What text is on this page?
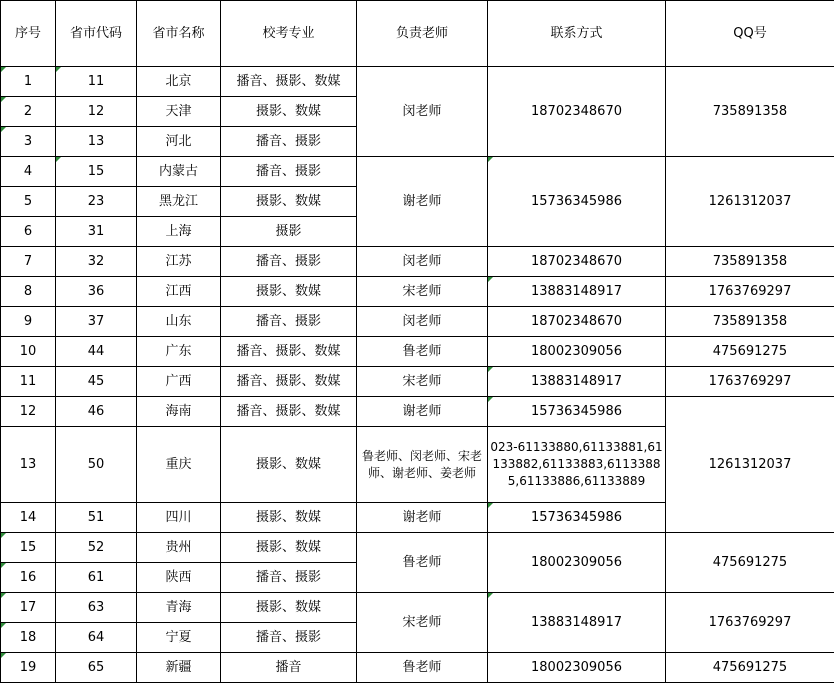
序号	省市代码	省市名称	校考专业	负责老师	联系方式	QQ号
1	11	北京	播音、摄影、数媒	闵老师	18702348670	735891358
2	12	天津	摄影、数媒			
3	13	河北	播音、摄影			
4	15	内蒙古	播音、摄影	谢老师	15736345986	1261312037
5	23	黑龙江	摄影、数媒			
6	31	上海	摄影			
7	32	江苏	播音、摄影	闵老师	18702348670	735891358
8	36	江西	摄影、数媒	宋老师	13883148917	1763769297
9	37	山东	播音、摄影	闵老师	18702348670	735891358
10	44	广东	播音、摄影、数媒	鲁老师	18002309056	475691275
11	45	广西	播音、摄影、数媒	宋老师	13883148917	1763769297
12	46	海南	播音、摄影、数媒	谢老师	15736345986	1261312037
13	50	重庆	摄影、数媒	鲁老师、闵老师、宋老师、谢老师、姜老师	023-61133880,61133881,61133882,61133883,61133885,61133886,61133889	
14	51	四川	摄影、数媒	谢老师	15736345986	
15	52	贵州	摄影、数媒	鲁老师	18002309056	475691275
16	61	陕西	播音、摄影			
17	63	青海	摄影、数媒	宋老师	13883148917	1763769297
18	64	宁夏	播音、摄影			
19	65	新疆	播音	鲁老师	18002309056	475691275
